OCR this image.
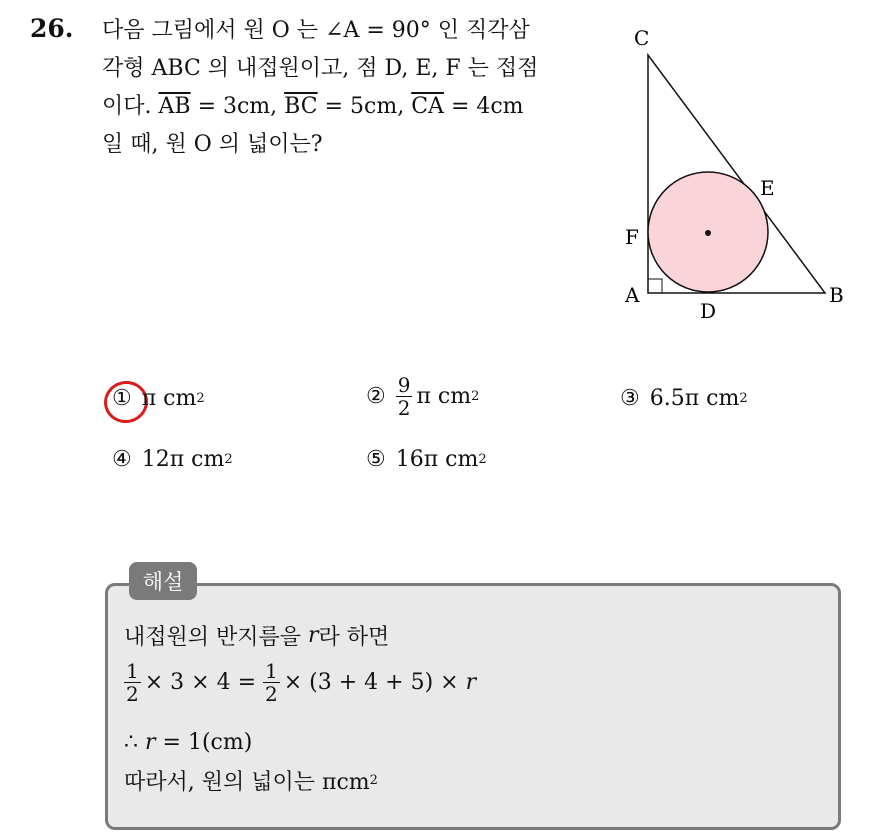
26. 다음 그림에서 원 O 는 ∠A = 90° 인 직각삼
각형 ABC 의 내접원이고, 점 D, E, F 는 접점
이다. $\overline{AB} = 3cm$, $\overline{BC} = 5cm$, $\overline{CA} = 4cm$
일 때, 원 O 의 넓이는?
C
E
F
A
D
B
① π cm 2	② $\frac{9}{2}$ π cm 2	③ 6.5π cm 2
④ 12π cm 2	⑤ 16π cm 2
해설
내접원의 반지름을
r 라 하면
$\frac{1}{2} \times 3 \times 4$ =
$\frac{1}{2} \times (3 + 4 + 5)$ ×
r
∴
r
= 1(cm)
따라서, 원의 넓이는 πcm 2
